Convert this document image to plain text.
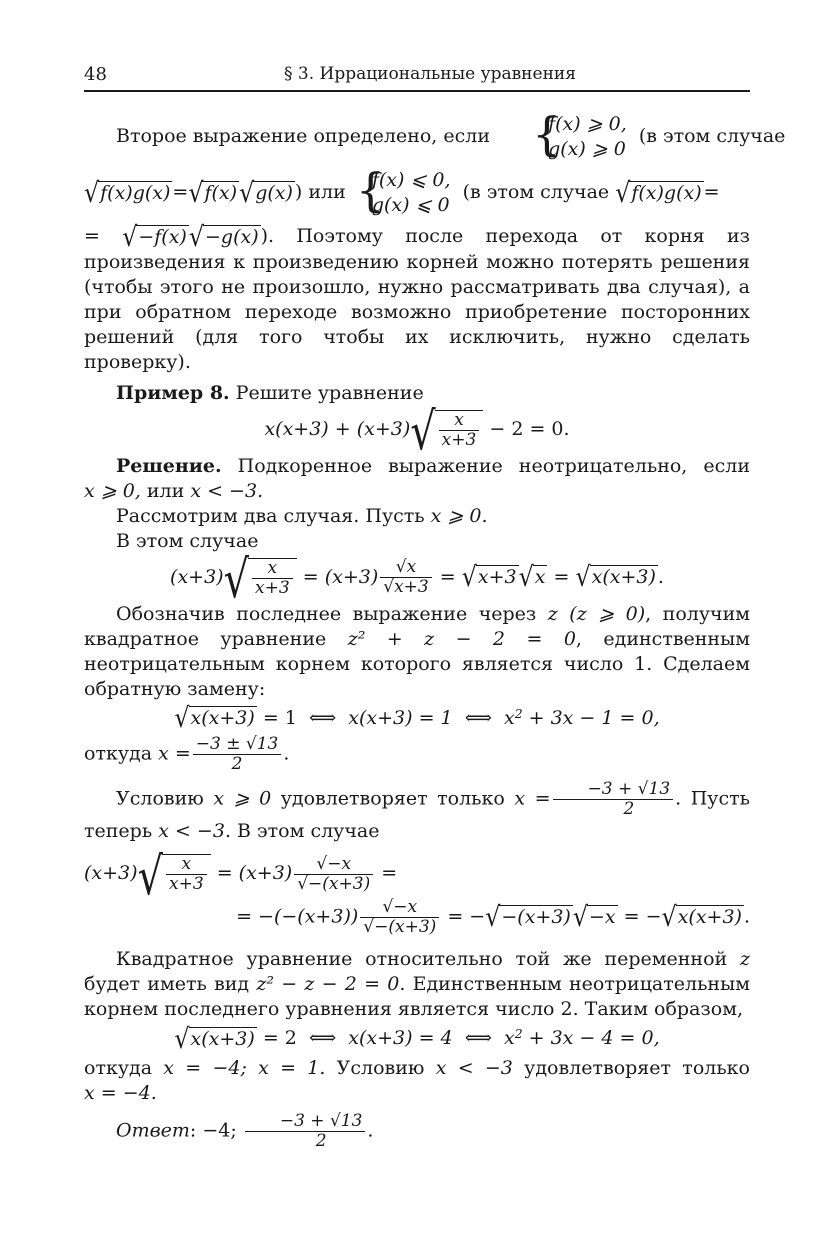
48	§ 3. Иррациональные уравнения

Второе выражение определено, если
{ f(x) ⩾ 0,
g(x) ⩾ 0
(в этом случае

√f(x)g(x) =√f(x)√g(x) ) или
{ f(x) ⩽ 0,
g(x) ⩽ 0
(в этом случае √f(x)g(x) =

= √−f(x)√−g(x) ). Поэтому после перехода от корня из произведения к произведению корней можно потерять решения (чтобы этого не произошло, нужно рассматривать два случая), а при обратном переходе возможно приобретение посторонних решений (для того чтобы их исключить, нужно сделать проверку).

Пример 8. Решите уравнение

$x(x+3) + (x+3)√ \frac{x}{x+3} - 2 = 0$.

Решение. Подкоренное выражение неотрицательно, если x ⩾ 0, или x < −3.

Рассмотрим два случая. Пусть x ⩾ 0.

В этом случае

$(x+3)√ \frac{x}{x+3} = (x+3) \frac{√x}{√x+3} = √x+3√x = √x(x+3)$ .

Обозначив последнее выражение через z (z ⩾ 0), получим квадратное уравнение z² + z − 2 = 0, единственным неотрицательным корнем которого является число 1. Сделаем обратную замену:

√x(x+3) = 1  ⟺  x(x+3) = 1  ⟺  $x^2 + 3x - 1 = 0$,

откуда $x = \frac{-3 \pm √13}{2}$ .

Условию x ⩾ 0 удовлетворяет только $x = \frac{-3 + √13}{2}$ . Пусть теперь x < −3. В этом случае

$(x+3)√ \frac{x}{x+3} = (x+3) \frac{√-x}{√-(x+3)}$ =
= $-(-(x+3)) \frac{√-x}{√-(x+3)} = -√-(x+3)√-x = -√x(x+3)$ .

Квадратное уравнение относительно той же переменной z будет иметь вид z² − z − 2 = 0. Единственным неотрицательным корнем последнего уравнения является число 2. Таким образом,

√x(x+3) = 2  ⟺  x(x+3) = 4  ⟺  $x^2 + 3x - 4 = 0$,

откуда x = −4; x = 1. Условию x < −3 удовлетворяет только x = −4.

Ответ: −4; $\frac{-3 + √13}{2}$ .
